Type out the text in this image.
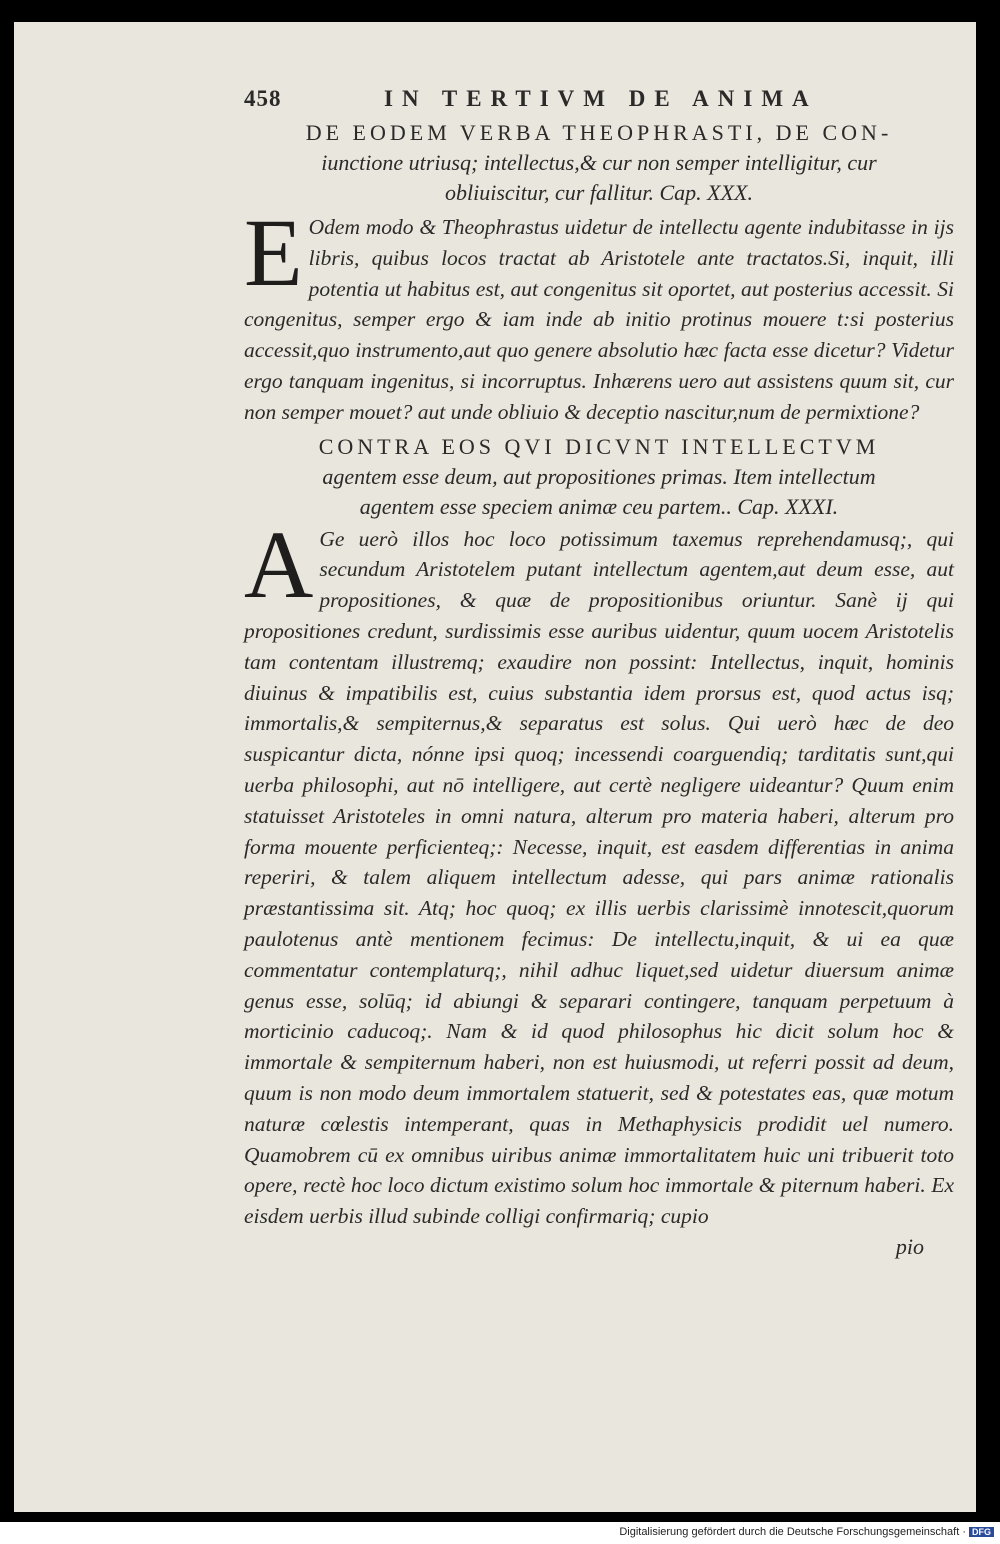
458	IN TERTIVM DE ANIMA
DE EODEM VERBA THEOPHRASTI, DE CON-
iunctione utriusq; intellectus,& cur non semper intelligitur, cur obliuiscitur, cur fallitur. Cap. XXX.

E Odem modo & Theophrastus uidetur de intellectu agente indubitasse in ijs libris, quibus locos tractat ab Aristotele ante tractatos.Si, inquit, illi potentia ut habitus est, aut congenitus sit oportet, aut posterius accessit. Si congenitus, semper ergo & iam inde ab initio protinus mouere t:si posterius accessit,quo instrumento,aut quo genere absolutio hæc facta esse dicetur? Videtur ergo tanquam ingenitus, si incorruptus. Inhærens uero aut assistens quum sit, cur non semper mouet? aut unde obliuio & deceptio nascitur,num de permixtione?

CONTRA EOS QVI DICVNT INTELLECTVM
agentem esse deum, aut propositiones primas. Item intellectum agentem esse speciem animæ ceu partem.. Cap. XXXI.

A Ge uerò illos hoc loco potissimum taxemus reprehendamusq;, qui secundum Aristotelem putant intellectum agentem,aut deum esse, aut propositiones, & quæ de propositionibus oriuntur. Sanè ij qui propositiones credunt, surdissimis esse auribus uidentur, quum uocem Aristotelis tam contentam illustremq; exaudire non possint: Intellectus, inquit, hominis diuinus & impatibilis est, cuius substantia idem prorsus est, quod actus isq; immortalis,& sempiternus,& separatus est solus. Qui uerò hæc de deo suspicantur dicta, nónne ipsi quoq; incessendi coarguendiq; tarditatis sunt,qui uerba philosophi, aut nō intelligere, aut certè negligere uideantur? Quum enim statuisset Aristoteles in omni natura, alterum pro materia haberi, alterum pro forma mouente perficienteq;: Necesse, inquit, est easdem differentias in anima reperiri, & talem aliquem intellectum adesse, qui pars animæ rationalis præstantissima sit. Atq; hoc quoq; ex illis uerbis clarissimè innotescit,quorum paulotenus antè mentionem fecimus: De intellectu,inquit, & ui ea quæ commentatur contemplaturq;, nihil adhuc liquet,sed uidetur diuersum animæ genus esse, solūq; id abiungi & separari contingere, tanquam perpetuum à morticinio caducoq;. Nam & id quod philosophus hic dicit solum hoc & immortale & sempiternum haberi, non est huiusmodi, ut referri possit ad deum, quum is non modo deum immortalem statuerit, sed & potestates eas, quæ motum naturæ cœlestis intemperant, quas in Methaphysicis prodidit uel numero. Quamobrem cū ex omnibus uiribus animæ immortalitatem huic uni tribuerit toto opere, rectè hoc loco dictum existimo solum hoc immortale & piternum haberi. Ex eisdem uerbis illud subinde colligi confirmariq; cupio

pio
Digitalisierung gefördert durch die Deutsche Forschungsgemeinschaft · DFG
